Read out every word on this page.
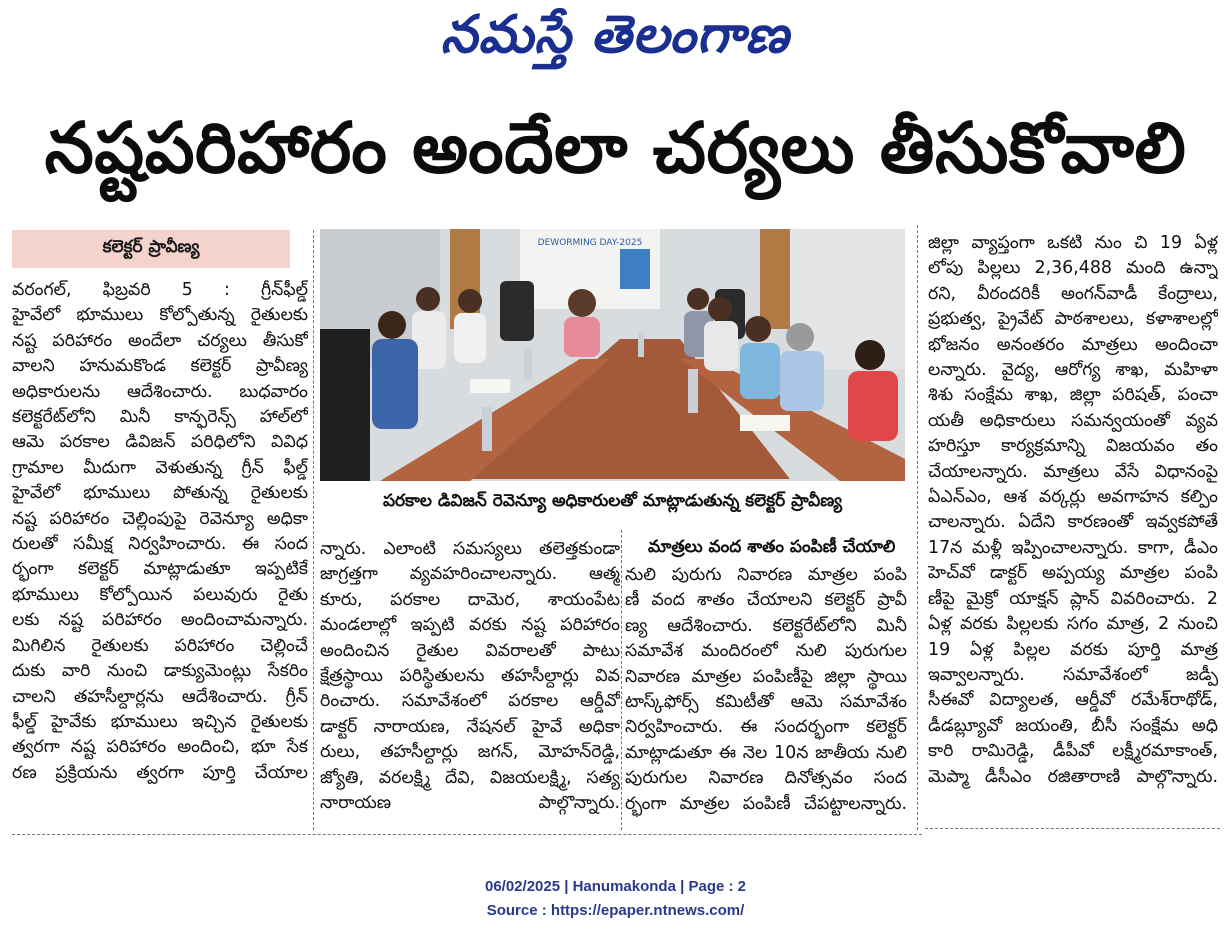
నమస్తే తెలంగాణ
నష్టపరిహారం అందేలా చర్యలు తీసుకోవాలి
కలెక్టర్ ప్రావీణ్య

వరంగల్, ఫిబ్రవరి 5 : గ్రీన్‌ఫీల్డ్

హైవేలో భూములు కోల్పోతున్న రైతులకు

నష్ట పరిహారం అందేలా చర్యలు తీసుకో

వాలని హనుమకొండ కలెక్టర్ ప్రావీణ్య

అధికారులను ఆదేశించారు. బుధవారం

కలెక్టరేట్‌లోని మినీ కాన్ఫరెన్స్ హాల్‌లో

ఆమె పరకాల డివిజన్ పరిధిలోని వివిధ

గ్రామాల మీదుగా వెళుతున్న గ్రీన్ ఫీల్డ్

హైవేలో భూములు పోతున్న రైతులకు

నష్ట పరిహారం చెల్లింపుపై రెవెన్యూ అధికా

రులతో సమీక్ష నిర్వహించారు. ఈ సంద

ర్భంగా కలెక్టర్ మాట్లాడుతూ ఇప్పటికే

భూములు కోల్పోయిన పలువురు రైతు

లకు నష్ట పరిహారం అందించామన్నారు.

మిగిలిన రైతులకు పరిహారం చెల్లించే

దుకు వారి నుంచి డాక్యుమెంట్లు సేకరిం

చాలని తహసీల్దార్లను ఆదేశించారు. గ్రీన్

ఫీల్డ్ హైవేకు భూములు ఇచ్చిన రైతులకు

త్వరగా నష్ట పరిహారం అందించి, భూ సేక

రణ ప్రక్రియను త్వరగా పూర్తి చేయాల

DEWORMING DAY-2025
పరకాల డివిజన్ రెవెన్యూ అధికారులతో మాట్లాడుతున్న కలెక్టర్ ప్రావీణ్య

న్నారు. ఎలాంటి సమస్యలు తలెత్తకుండా

జాగ్రత్తగా వ్యవహరించాలన్నారు. ఆత్మ

కూరు, పరకాల దామెర, శాయంపేట

మండలాల్లో ఇప్పటి వరకు నష్ట పరిహారం

అందించిన రైతుల వివరాలతో పాటు

క్షేత్రస్థాయి పరిస్థితులను తహసీల్దార్లు వివ

రించారు. సమావేశంలో పరకాల ఆర్డీవో

డాక్టర్ నారాయణ, నేషనల్ హైవే అధికా

రులు, తహసీల్దార్లు జగన్, మోహన్‌రెడ్డి,

జ్యోతి, వరలక్ష్మి దేవి, విజయలక్ష్మి, సత్య

నారాయణ పాల్గొన్నారు.

మాత్రలు వంద శాతం పంపిణీ చేయాలి

నులి పురుగు నివారణ మాత్రల పంపి

ణీ వంద శాతం చేయాలని కలెక్టర్ ప్రావీ

ణ్య ఆదేశించారు. కలెక్టరేట్‌లోని మినీ

సమావేశ మందిరంలో నులి పురుగుల

నివారణ మాత్రల పంపిణీపై జిల్లా స్థాయి

టాస్క్‌ఫోర్స్ కమిటీతో ఆమె సమావేశం

నిర్వహించారు. ఈ సందర్భంగా కలెక్టర్

మాట్లాడుతూ ఈ నెల 10న జాతీయ నులి

పురుగుల నివారణ దినోత్సవం సంద

ర్భంగా మాత్రల పంపిణీ చేపట్టాలన్నారు.

జిల్లా వ్యాప్తంగా ఒకటి నుం చి 19 ఏళ్ల

లోపు పిల్లలు 2,36,488 మంది ఉన్నా

రని, వీరందరికీ అంగన్‌వాడీ కేంద్రాలు,

ప్రభుత్వ, ప్రైవేట్ పాఠశాలలు, కళాశాలల్లో

భోజనం అనంతరం మాత్రలు అందించా

లన్నారు. వైద్య, ఆరోగ్య శాఖ, మహిళా

శిశు సంక్షేమ శాఖ, జిల్లా పరిషత్, పంచా

యతీ అధికారులు సమన్వయంతో వ్యవ

హరిస్తూ కార్యక్రమాన్ని విజయవం తం

చేయాలన్నారు. మాత్రలు వేసే విధానంపై

ఏఎన్ఎం, ఆశ వర్కర్లు అవగాహన కల్పిం

చాలన్నారు. ఏదేని కారణంతో ఇవ్వకపోతే

17న మళ్లీ ఇప్పించాలన్నారు. కాగా, డీఎం

హెచ్‌వో డాక్టర్ అప్పయ్య మాత్రల పంపి

ణీపై మైక్రో యాక్షన్ ప్లాన్ వివరించారు. 2

ఏళ్ల వరకు పిల్లలకు సగం మాత్ర, 2 నుంచి

19 ఏళ్ల పిల్లల వరకు పూర్తి మాత్ర

ఇవ్వాలన్నారు. సమావేశంలో జడ్పీ

సీఈవో విద్యాలత, ఆర్డీవో రమేశ్‌రాథోడ్,

డీడబ్ల్యూవో జయంతి, బీసీ సంక్షేమ అధి

కారి రామిరెడ్డి, డీపీవో లక్ష్మీరమాకాంత్,

మెప్మా డీసీఎం రజితారాణి పాల్గొన్నారు.

06/02/2025 | Hanumakonda | Page : 2
Source : https://epaper.ntnews.com/
